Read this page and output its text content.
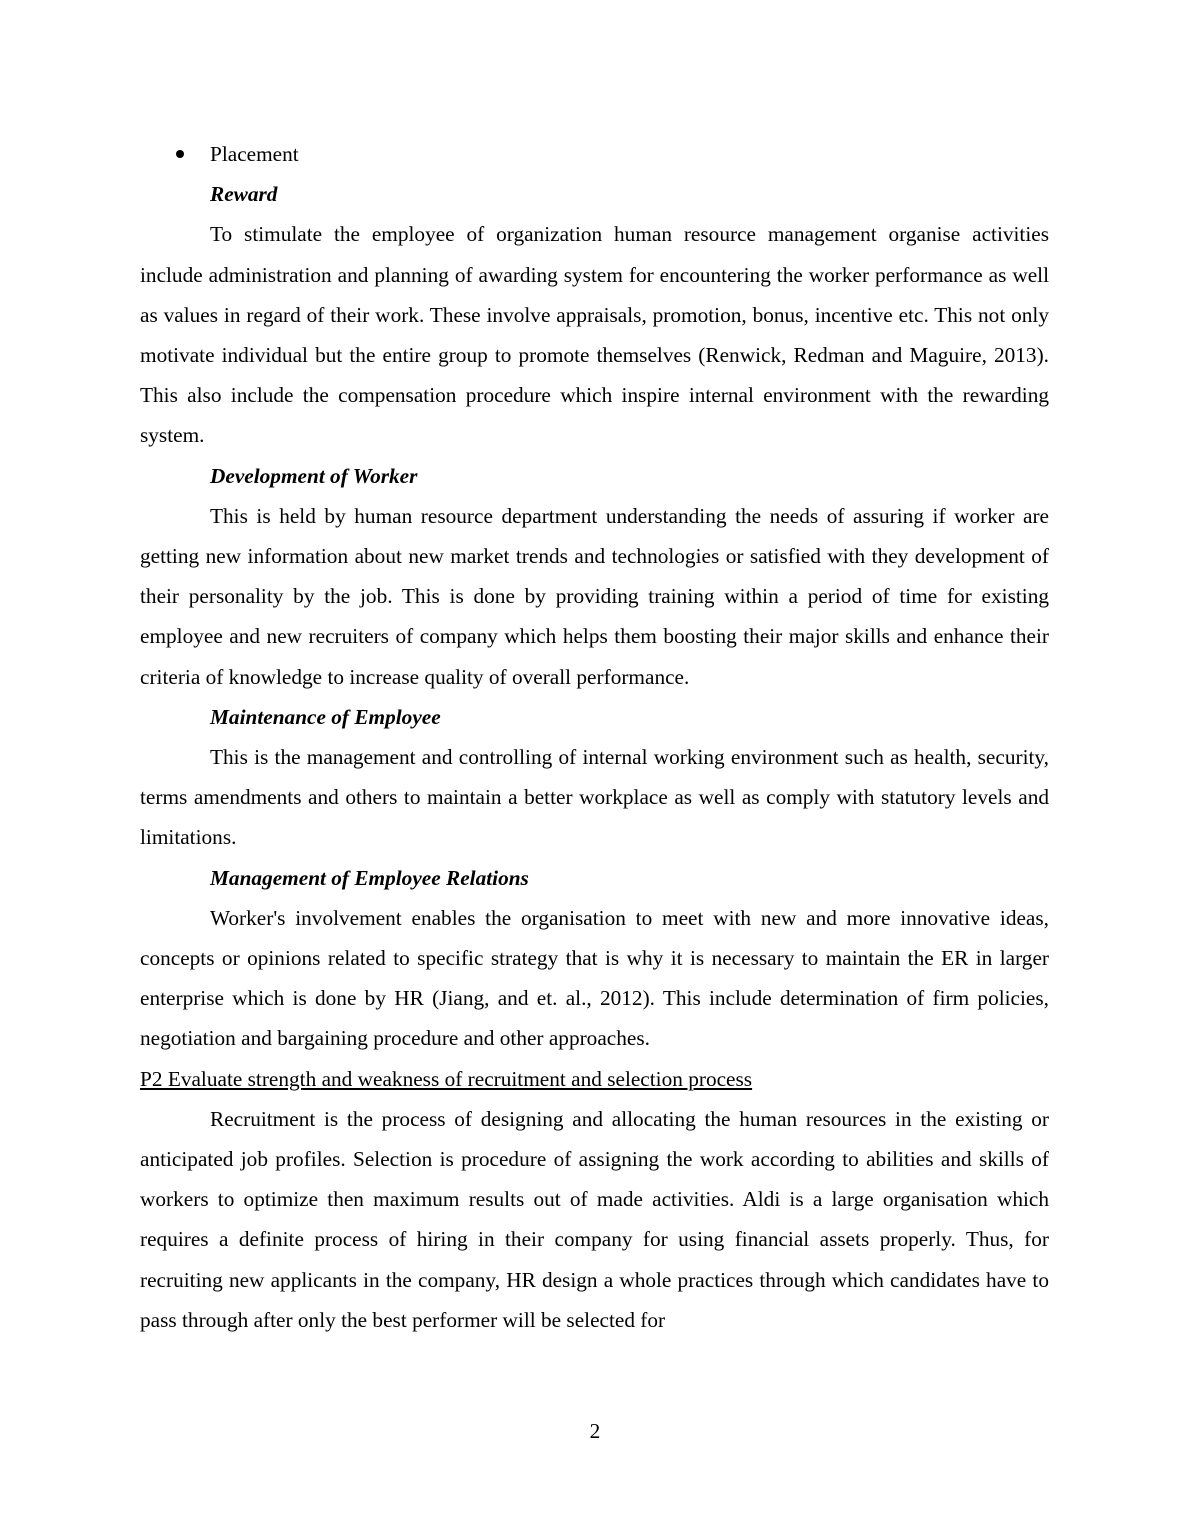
Placement
Reward

To stimulate the employee of organization human resource management organise activities include administration and planning of awarding system for encountering the worker performance as well as values in regard of their work. These involve appraisals, promotion, bonus, incentive etc. This not only motivate individual but the entire group to promote themselves (Renwick, Redman and Maguire, 2013). This also include the compensation procedure which inspire internal environment with the rewarding system.

Development of Worker

This is held by human resource department understanding the needs of assuring if worker are getting new information about new market trends and technologies or satisfied with they development of their personality by the job. This is done by providing training within a period of time for existing employee and new recruiters of company which helps them boosting their major skills and enhance their criteria of knowledge to increase quality of overall performance.

Maintenance of Employee

This is the management and controlling of internal working environment such as health, security, terms amendments and others to maintain a better workplace as well as comply with statutory levels and limitations.

Management of Employee Relations

Worker's involvement enables the organisation to meet with new and more innovative ideas, concepts or opinions related to specific strategy that is why it is necessary to maintain the ER in larger enterprise which is done by HR (Jiang, and et. al., 2012). This include determination of firm policies, negotiation and bargaining procedure and other approaches.

P2 Evaluate strength and weakness of recruitment and selection process

Recruitment is the process of designing and allocating the human resources in the existing or anticipated job profiles. Selection is procedure of assigning the work according to abilities and skills of workers to optimize then maximum results out of made activities. Aldi is a large organisation which requires a definite process of hiring in their company for using financial assets properly. Thus, for recruiting new applicants in the company, HR design a whole practices through which candidates have to pass through after only the best performer will be selected for

2
